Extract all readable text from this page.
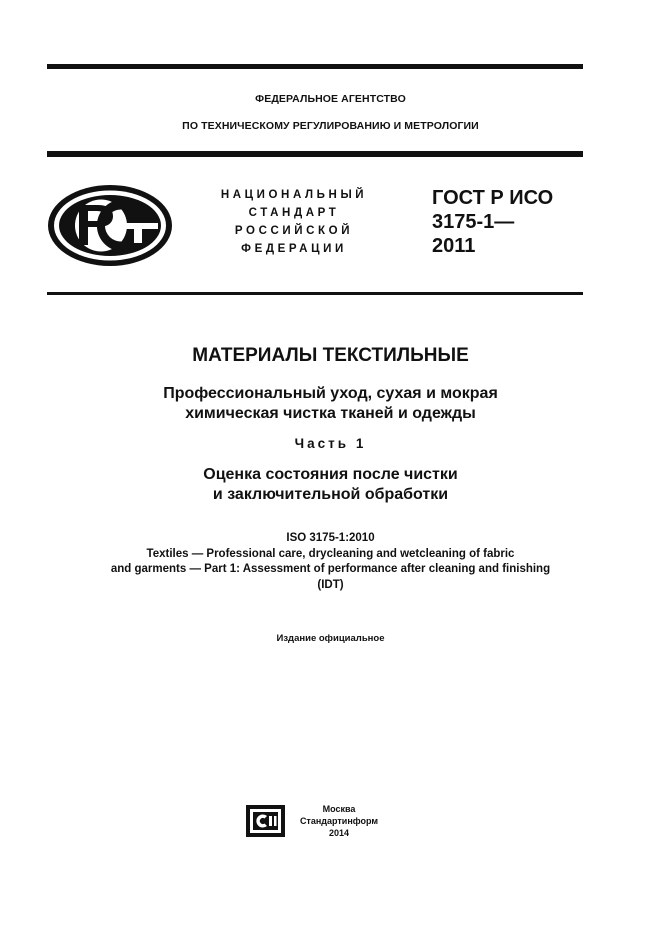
ФЕДЕРАЛЬНОЕ АГЕНТСТВО
ПО ТЕХНИЧЕСКОМУ РЕГУЛИРОВАНИЮ И МЕТРОЛОГИИ
НАЦИОНАЛЬНЫЙ
СТАНДАРТ
РОССИЙСКОЙ
ФЕДЕРАЦИИ
ГОСТ Р ИСО
3175-1—
2011
МАТЕРИАЛЫ ТЕКСТИЛЬНЫЕ
Профессиональный уход, сухая и мокрая
химическая чистка тканей и одежды
Часть 1
Оценка состояния после чистки
и заключительной обработки
ISO 3175-1:2010
Textiles — Professional care, drycleaning and wetcleaning of fabric
and garments — Part 1: Assessment of performance after cleaning and finishing
(IDT)
Издание официальное
Москва
Стандартинформ
2014
